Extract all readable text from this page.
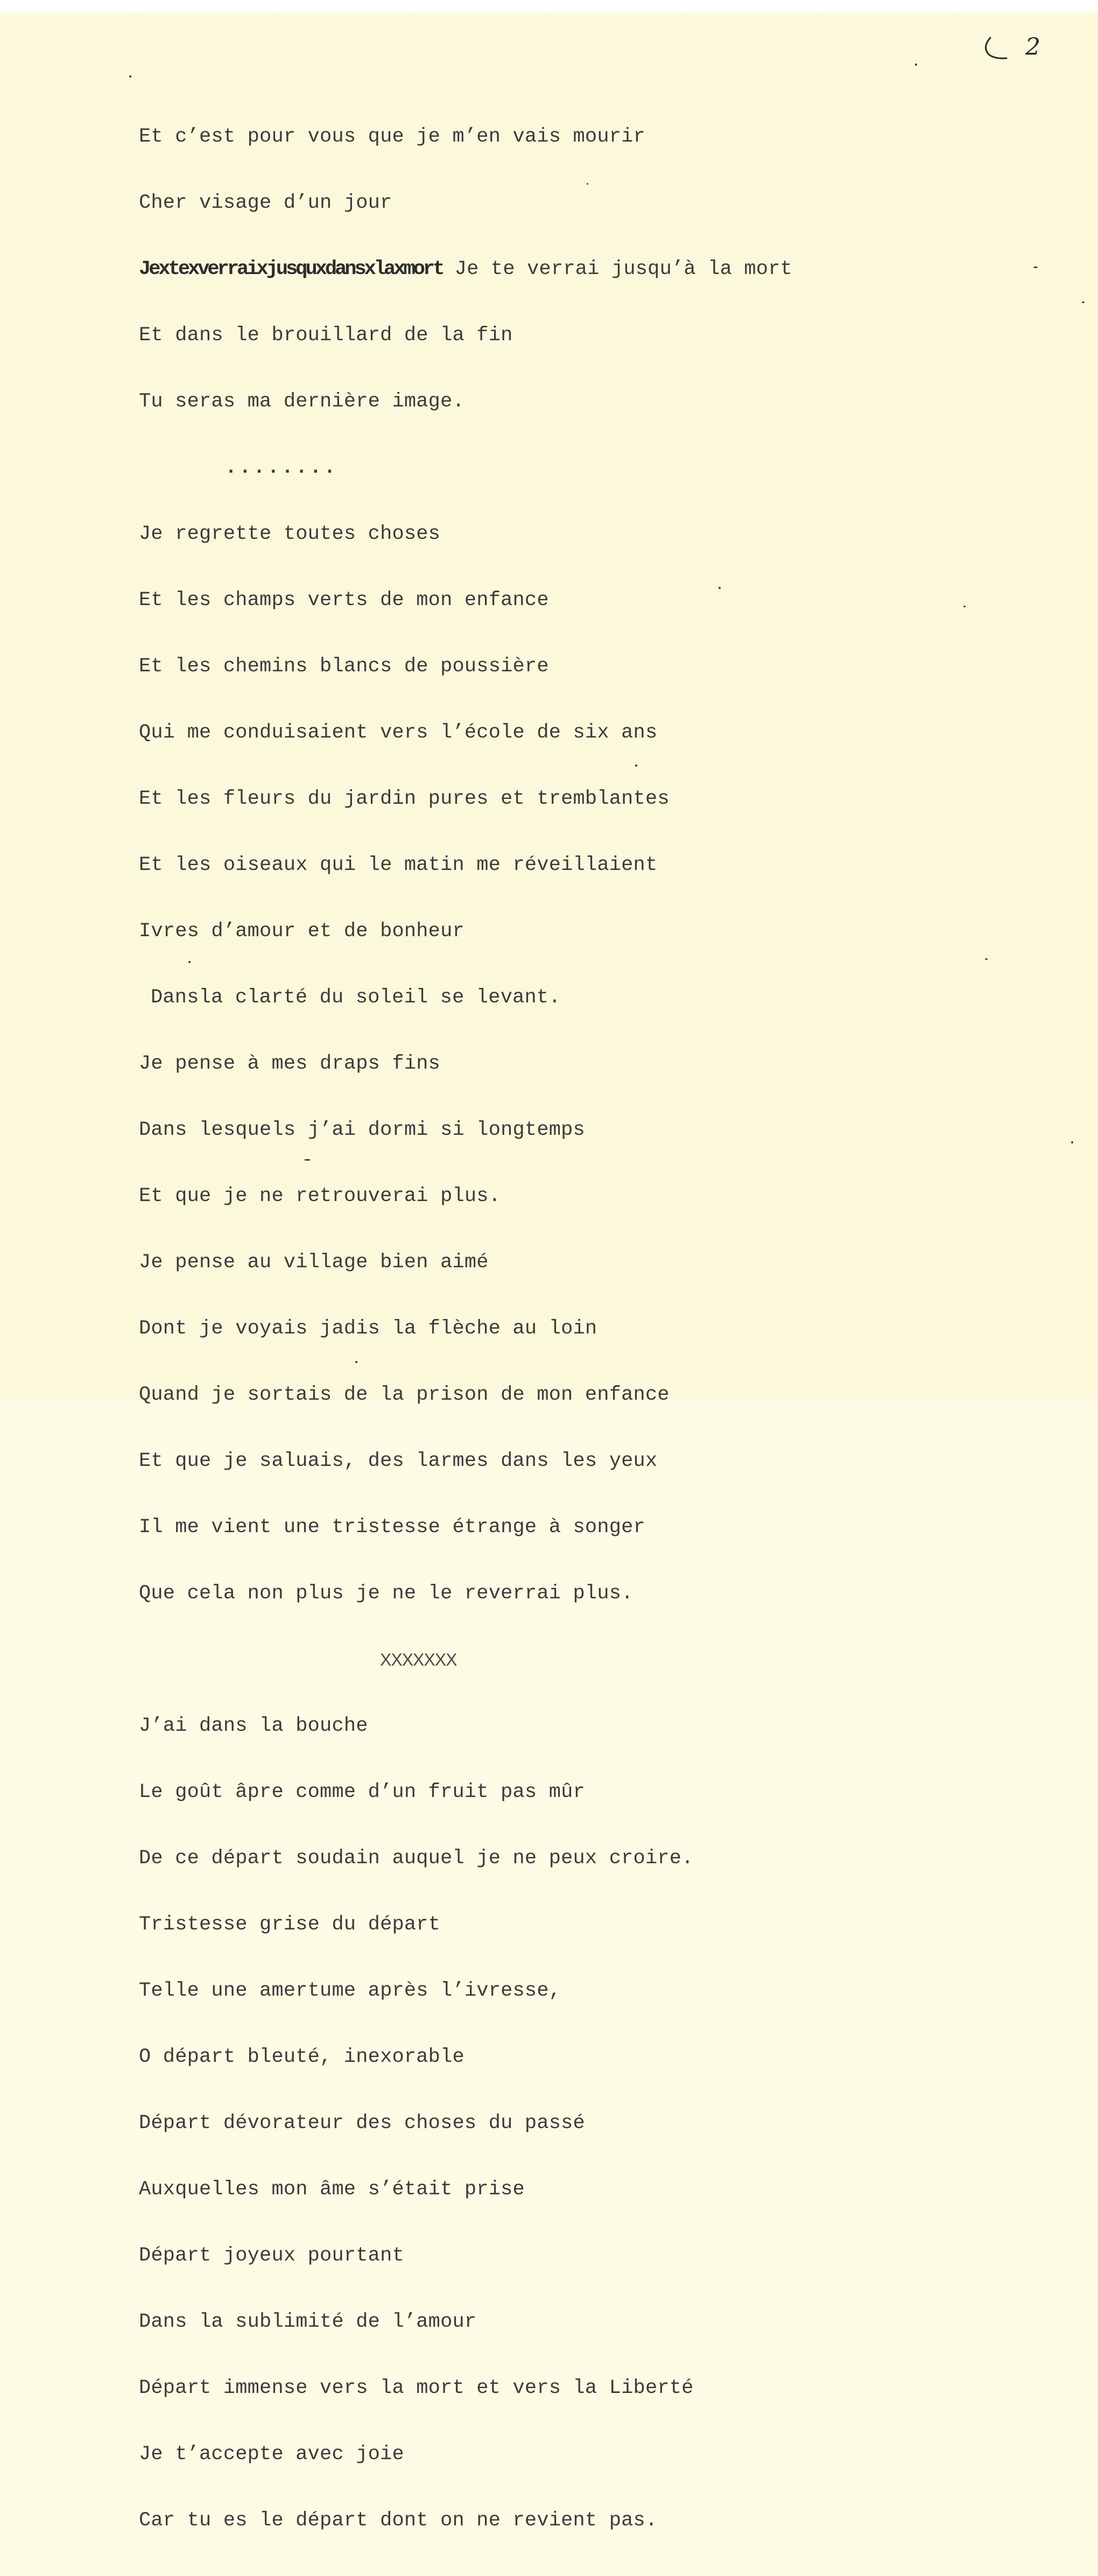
2

Et c’est pour vous que je m’en vais mourir

Cher visage d’un jour

Jextexverraixjusquxdansxlaxmort Je te verrai jusqu’à la mort

Et dans le brouillard de la fin

Tu seras ma dernière image.

........

Je regrette toutes choses

Et les champs verts de mon enfance

Et les chemins blancs de poussière

Qui me conduisaient vers l’école de six ans

Et les fleurs du jardin pures et tremblantes

Et les oiseaux qui le matin me réveillaient

Ivres d’amour et de bonheur

Dansla clarté du soleil se levant.

Je pense à mes draps fins

Dans lesquels j’ai dormi si longtemps

Et que je ne retrouverai plus.

Je pense au village bien aimé

Dont je voyais jadis la flèche au loin

Quand je sortais de la prison de mon enfance

Et que je saluais, des larmes dans les yeux

Il me vient une tristesse étrange à songer

Que cela non plus je ne le reverrai plus.

XXXXXXX

J’ai dans la bouche

Le goût âpre comme d’un fruit pas mûr

De ce départ soudain auquel je ne peux croire.

Tristesse grise du départ

Telle une amertume après l’ivresse,

O départ bleuté, inexorable

Départ dévorateur des choses du passé

Auxquelles mon âme s’était prise

Départ joyeux pourtant

Dans la sublimité de l’amour

Départ immense vers la mort et vers la Liberté

Je t’accepte avec joie

Car tu es le départ dont on ne revient pas.
